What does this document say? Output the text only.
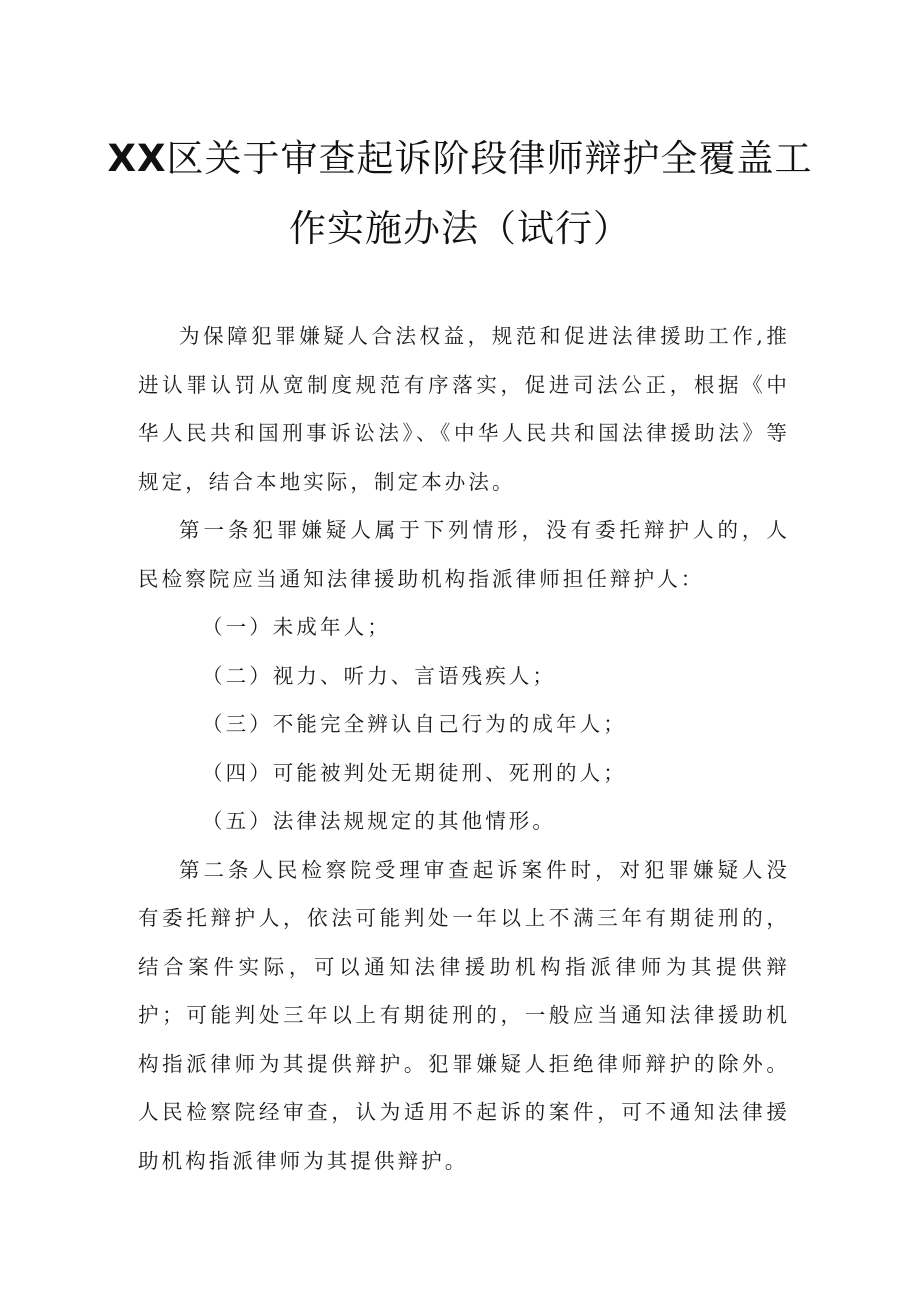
XX区关于审查起诉阶段律师辩护全覆盖工
作实施办法（试行）

为保障犯罪嫌疑人合法权益，规范和促进法律援助工作,推进认罪认罚从宽制度规范有序落实，促进司法公正，根据《中华人民共和国刑事诉讼法》、《中华人民共和国法律援助法》等规定，结合本地实际，制定本办法。

第一条犯罪嫌疑人属于下列情形，没有委托辩护人的，人民检察院应当通知法律援助机构指派律师担任辩护人：

（一）未成年人；

（二）视力、听力、言语残疾人；

（三）不能完全辨认自己行为的成年人；

（四）可能被判处无期徒刑、死刑的人；

（五）法律法规规定的其他情形。

第二条人民检察院受理审查起诉案件时，对犯罪嫌疑人没有委托辩护人，依法可能判处一年以上不满三年有期徒刑的，结合案件实际，可以通知法律援助机构指派律师为其提供辩护；可能判处三年以上有期徒刑的，一般应当通知法律援助机构指派律师为其提供辩护。犯罪嫌疑人拒绝律师辩护的除外。人民检察院经审查，认为适用不起诉的案件，可不通知法律援助机构指派律师为其提供辩护。
